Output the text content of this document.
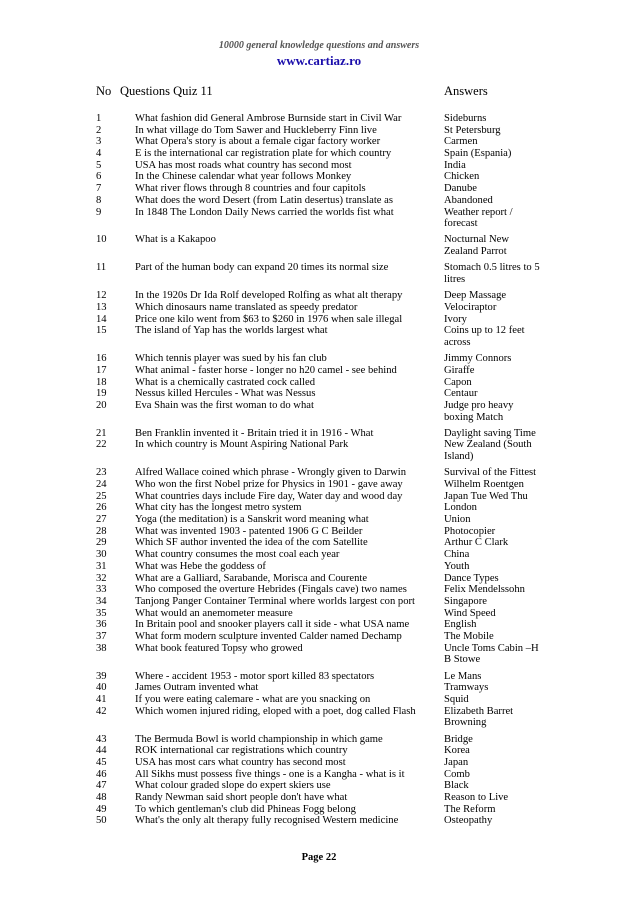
10000 general knowledge questions and answers
www.cartiaz.ro
No Questions Quiz 11	Answers
1	What fashion did General Ambrose Burnside start in Civil War	Sideburns
2	In what village do Tom Sawer and Huckleberry Finn live	St Petersburg
3	What Opera's story is about a female cigar factory worker	Carmen
4	E is the international car registration plate for which country	Spain (Espania)
5	USA has most roads what country has second most	India
6	In the Chinese calendar what year follows Monkey	Chicken
7	What river flows through 8 countries and four capitols	Danube
8	What does the word Desert (from Latin desertus) translate as	Abandoned
9	In 1848 The London Daily News carried the worlds fist what	Weather report / forecast
10	What is a Kakapoo	Nocturnal New Zealand Parrot
11	Part of the human body can expand 20 times its normal size	Stomach 0.5 litres to 5 litres
12	In the 1920s Dr Ida Rolf developed Rolfing as what alt therapy	Deep Massage
13	Which dinosaurs name translated as speedy predator	Velociraptor
14	Price one kilo went from $63 to $260 in 1976 when sale illegal	Ivory
15	The island of Yap has the worlds largest what	Coins up to 12 feet across
16	Which tennis player was sued by his fan club	Jimmy Connors
17	What animal - faster horse - longer no h20 camel - see behind	Giraffe
18	What is a chemically castrated cock called	Capon
19	Nessus killed Hercules - What was Nessus	Centaur
20	Eva Shain was the first woman to do what	Judge pro heavy boxing Match
21	Ben Franklin invented it - Britain tried it in 1916 - What	Daylight saving Time
22	In which country is Mount Aspiring National Park	New Zealand (South Island)
23	Alfred Wallace coined which phrase - Wrongly given to Darwin	Survival of the Fittest
24	Who won the first Nobel prize for Physics in 1901 - gave away	Wilhelm Roentgen
25	What countries days include Fire day, Water day and wood day	Japan Tue Wed Thu
26	What city has the longest metro system	London
27	Yoga (the meditation) is a Sanskrit word meaning what	Union
28	What was invented 1903 - patented 1906 G C Beilder	Photocopier
29	Which SF author invented the idea of the com Satellite	Arthur C Clark
30	What country consumes the most coal each year	China
31	What was Hebe the goddess of	Youth
32	What are a Galliard, Sarabande, Morisca and Courente	Dance Types
33	Who composed the overture Hebrides (Fingals cave) two names	Felix Mendelssohn
34	Tanjong Panger Container Terminal where worlds largest con port	Singapore
35	What would an anemometer measure	Wind Speed
36	In Britain pool and snooker players call it side - what USA name	English
37	What form modern sculpture invented Calder named Dechamp	The Mobile
38	What book featured Topsy who growed	Uncle Toms Cabin –H B Stowe
39	Where - accident 1953 - motor sport killed 83 spectators	Le Mans
40	James Outram invented what	Tramways
41	If you were eating calemare - what are you snacking on	Squid
42	Which women injured riding, eloped with a poet, dog called Flash	Elizabeth Barret Browning
43	The Bermuda Bowl is world championship in which game	Bridge
44	ROK international car registrations which country	Korea
45	USA has most cars what country has second most	Japan
46	All Sikhs must possess five things - one is a Kangha - what is it	Comb
47	What colour graded slope do expert skiers use	Black
48	Randy Newman said short people don't have what	Reason to Live
49	To which gentleman's club did Phineas Fogg belong	The Reform
50	What's the only alt therapy fully recognised Western medicine	Osteopathy
Page 22
